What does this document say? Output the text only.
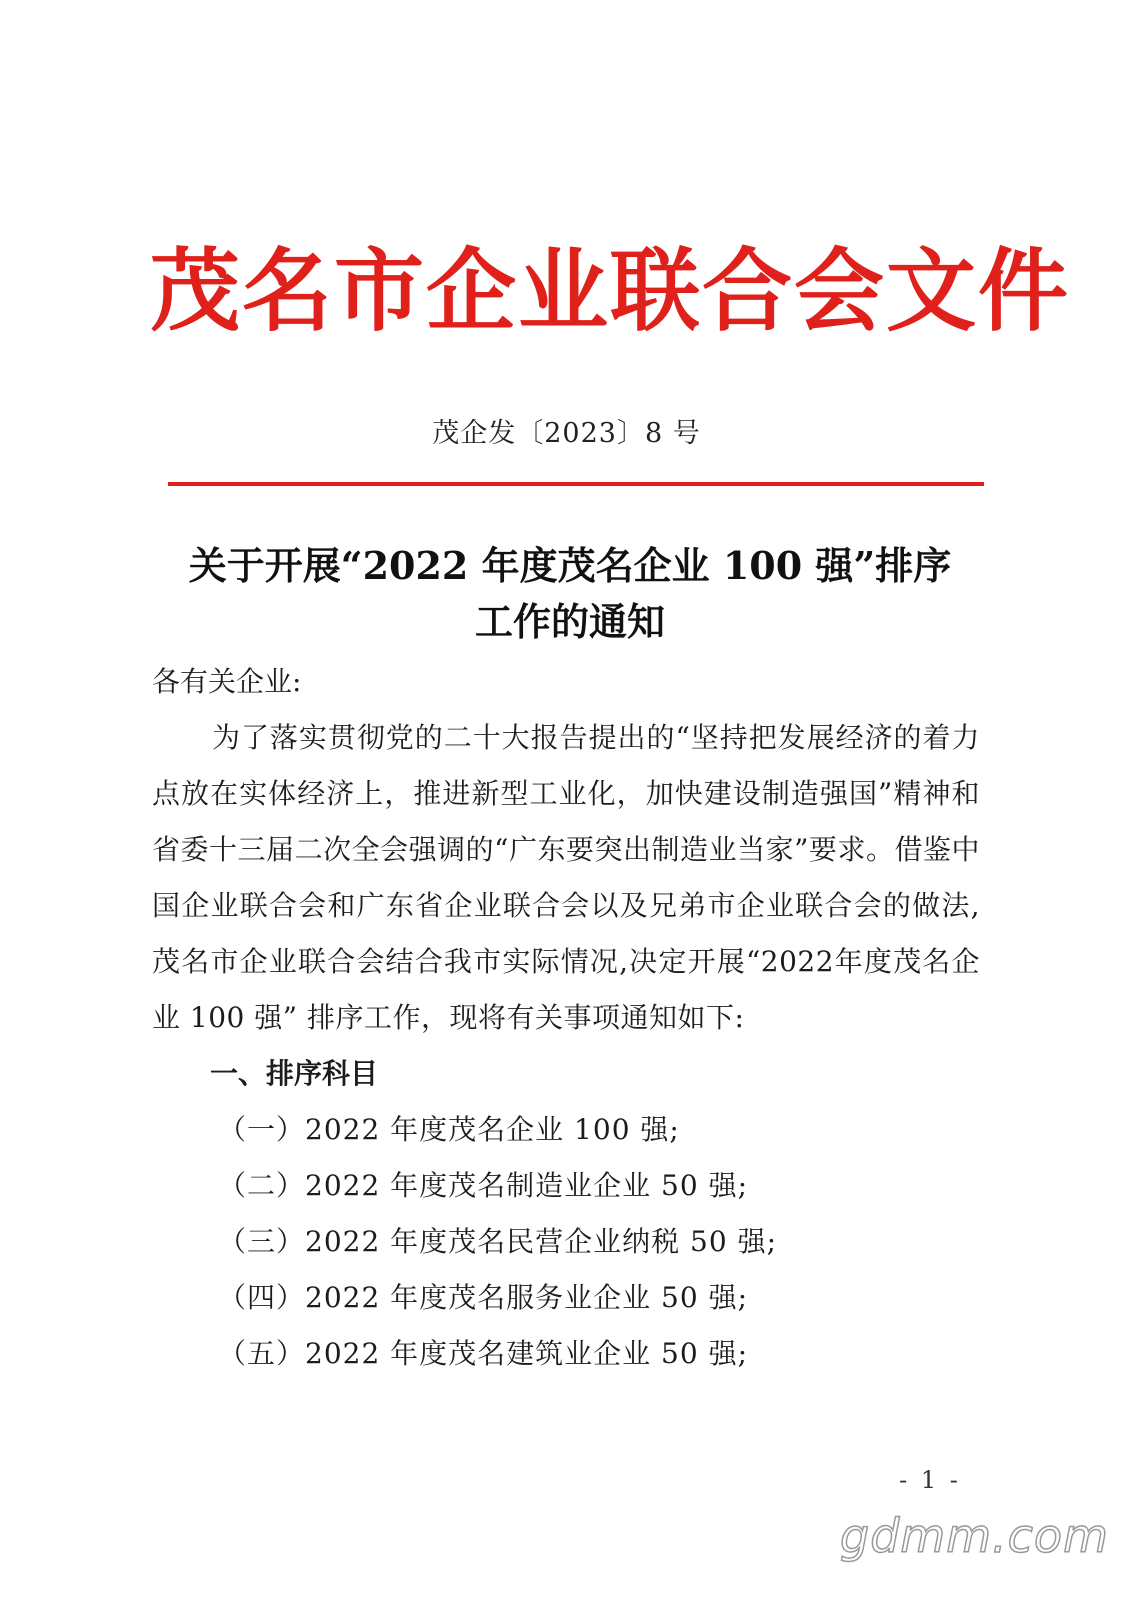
茂名市企业联合会文件
茂企发〔2023〕8 号
关于开展“2022 年度茂名企业 100 强”排序
工作的通知

各有关企业:

为了落实贯彻党的二十大报告提出的“坚持把发展经济的着力点放在实体经济上，推进新型工业化，加快建设制造强国”精神和省委十三届二次全会强调的“广东要突出制造业当家”要求。借鉴中国企业联合会和广东省企业联合会以及兄弟市企业联合会的做法,茂名市企业联合会结合我市实际情况,决定开展“2022年度茂名企业 100 强” 排序工作，现将有关事项通知如下:

一、排序科目
（一）2022 年度茂名企业 100 强;
（二）2022 年度茂名制造业企业 50 强;
（三）2022 年度茂名民营企业纳税 50 强;
（四）2022 年度茂名服务业企业 50 强;
（五）2022 年度茂名建筑业企业 50 强;
- 1 -
gdmm.com
